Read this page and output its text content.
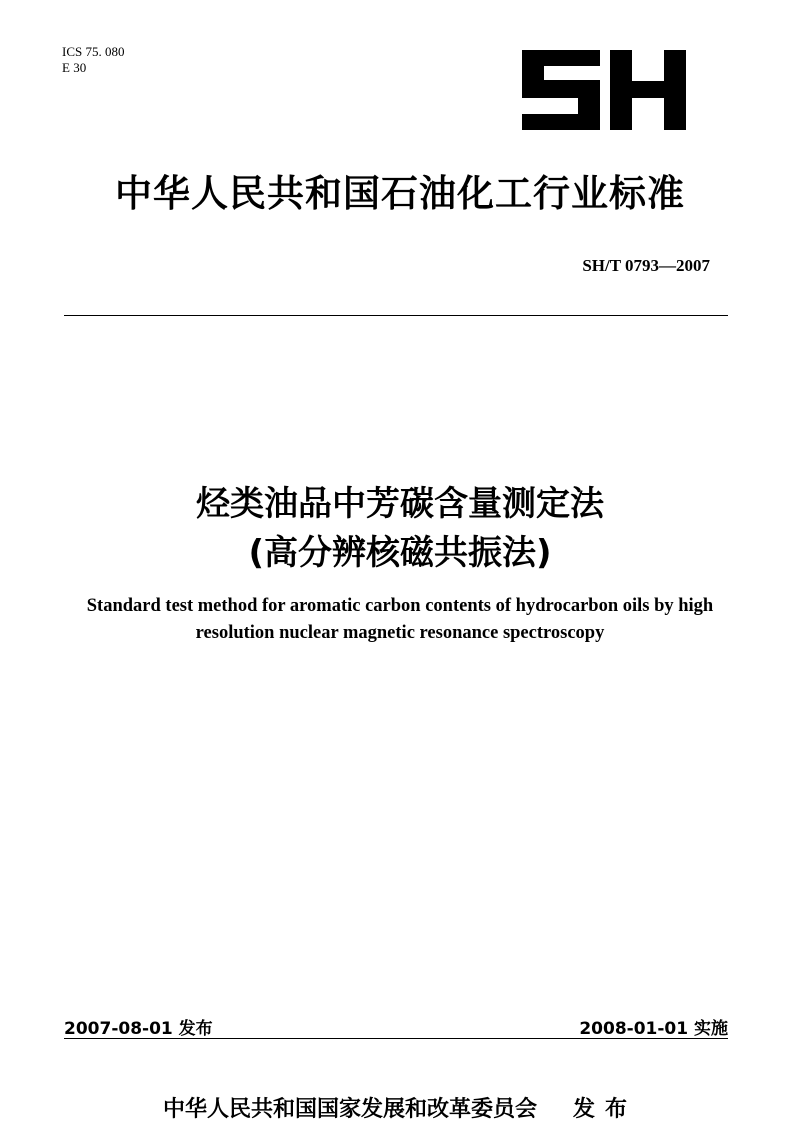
ICS 75. 080
E 30
中华人民共和国石油化工行业标准
SH/T 0793—2007
烃类油品中芳碳含量测定法
(高分辨核磁共振法)
Standard test method for aromatic carbon contents of hydrocarbon oils by high
resolution nuclear magnetic resonance spectroscopy
2007-08-01 发布	2008-01-01 实施
中华人民共和国国家发展和改革委员会 发布
